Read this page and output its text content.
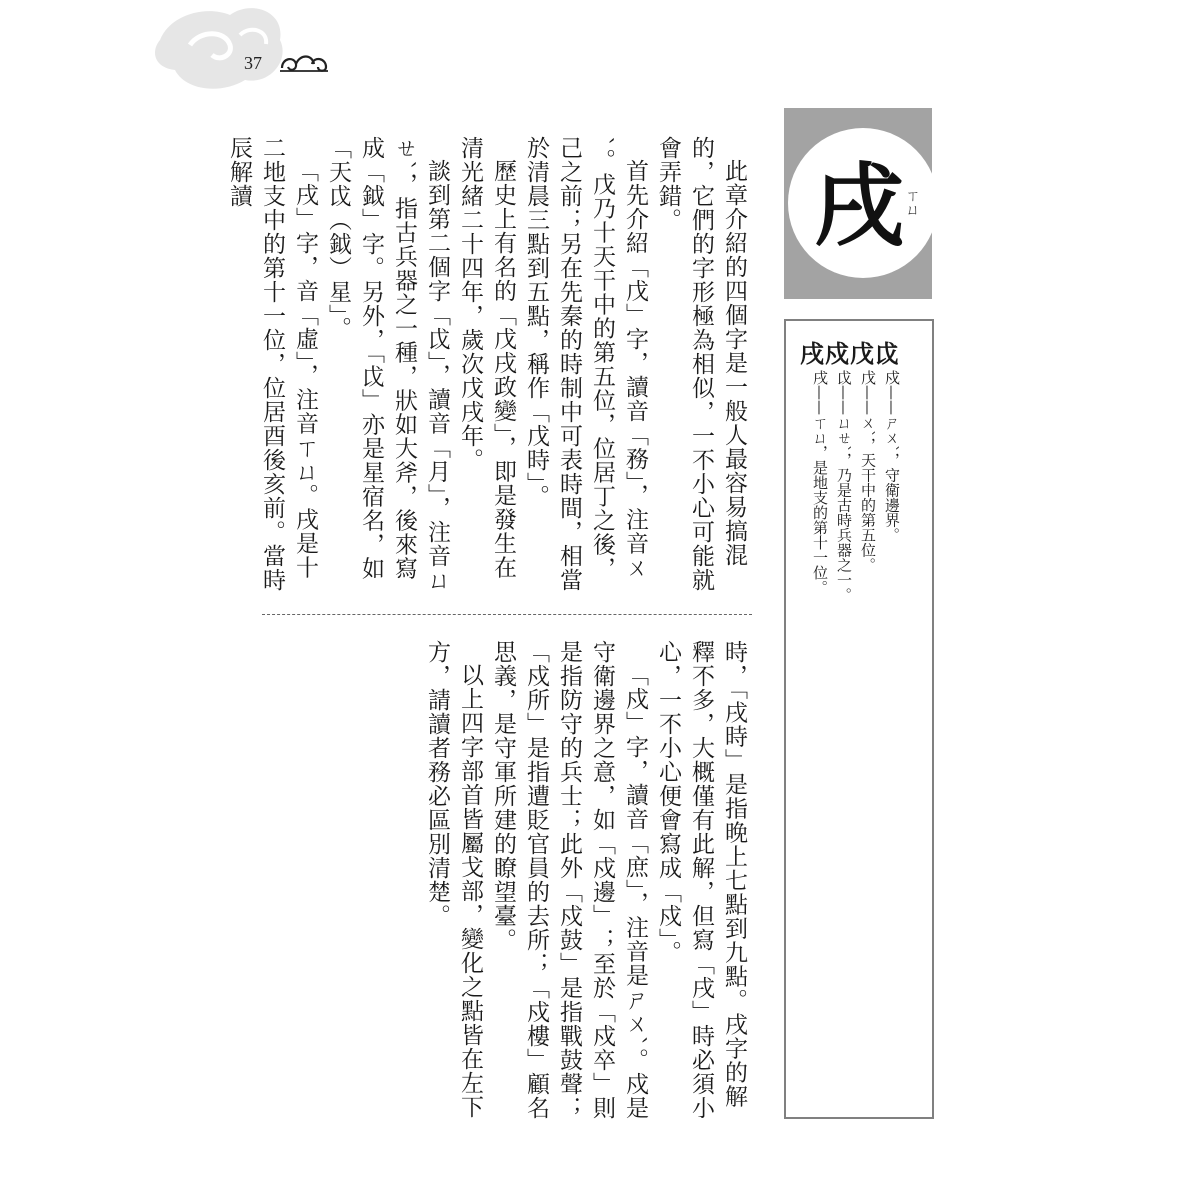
37
戌 ㄒㄩ
戌戍戊戉
戍——ㄕㄨˋ，守衛邊界。
戊——ㄨˋ，天干中的第五位。
戉——ㄩㄝˋ，乃是古時兵器之一。
戌——ㄒㄩ，是地支的第十一位。

此章介紹的四個字是一般人最容易搞混的，它們的字形極為相似，一不小心可能就會弄錯。

首先介紹「戊」字，讀音「務」，注音ㄨˋ。戊乃十天干中的第五位，位居丁之後，己之前；另在先秦的時制中可表時間，相當於清晨三點到五點，稱作「戊時」。

歷史上有名的「戊戌政變」，即是發生在清光緒二十四年，歲次戊戌年。

談到第二個字「戉」，讀音「月」，注音ㄩㄝˋ，指古兵器之一種，狀如大斧，後來寫成「鉞」字。另外，「戉」亦是星宿名，如「天戉（鉞）星」。

「戌」字，音「虛」，注音ㄒㄩ。戌是十二地支中的第十一位，位居酉後亥前。當時辰解讀

時，「戌時」是指晚上七點到九點。戌字的解釋不多，大概僅有此解，但寫「戌」時必須小心，一不小心便會寫成「戍」。

「戍」字，讀音「庶」，注音是ㄕㄨˋ。戍是守衛邊界之意，如「戍邊」；至於「戍卒」則是指防守的兵士；此外「戍鼓」是指戰鼓聲；「戍所」是指遭貶官員的去所；「戍樓」顧名思義，是守軍所建的瞭望臺。

以上四字部首皆屬戈部，變化之點皆在左下方，請讀者務必區別清楚。
